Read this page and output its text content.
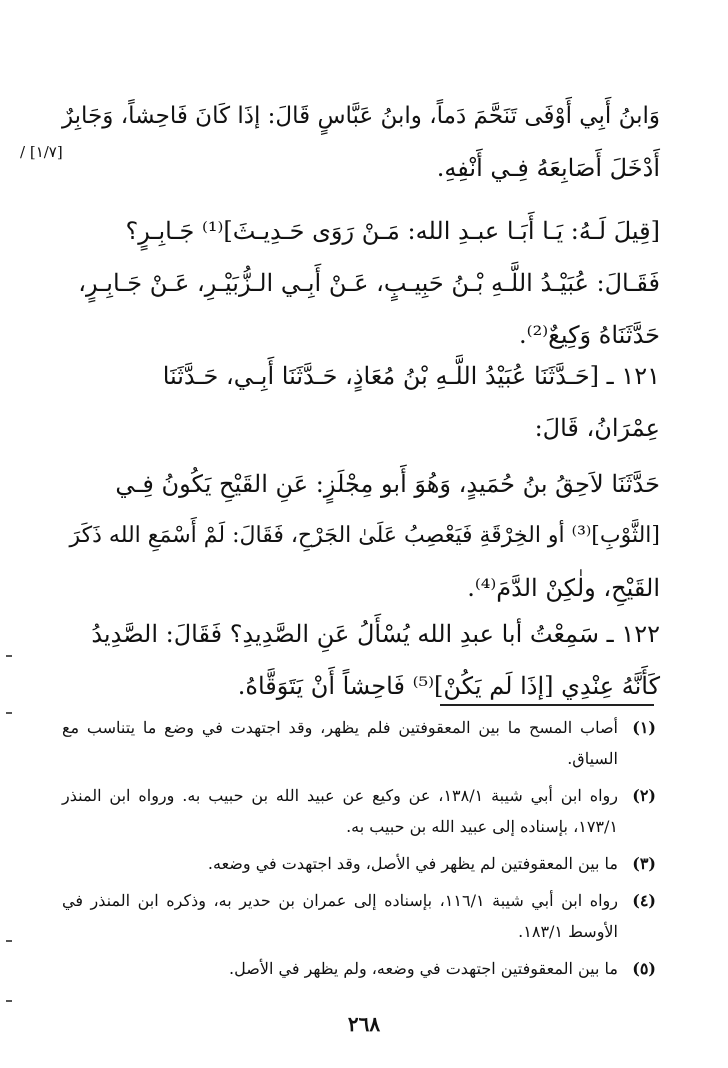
وَابنُ أَبِي أَوْفَى تَنَحَّمَ دَماً، وابنُ عَبَّاسٍ قَالَ: إذَا كَانَ فَاحِشاً، وَجَابِرٌ
أَدْخَلَ أَصَابِعَهُ فِـي أَنْفِهِ.
[١/٧] /
[قِيلَ لَـهُ: يَـا أَبَـا عبـدِ الله: مَـنْ رَوَى حَـدِيـثَ]⁽¹⁾ جَـابِـرٍ؟
فَقَـالَ: عُبَيْـدُ اللَّـهِ بْـنُ حَبِيـبٍ، عَـنْ أَبِـي الـزُّبَيْـرِ، عَـنْ جَـابِـرٍ،
حَدَّثَنَاهُ وَكِيعٌ⁽²⁾.
١٢١ ـ [حَـدَّثَنَا عُبَيْدُ اللَّـهِ بْنُ مُعَاذٍ، حَـدَّثَنَا أَبِـي، حَـدَّثَنَا
عِمْرَانُ، قَالَ:
حَدَّثَنَا لاَحِقُ بنُ حُمَيدٍ، وَهُوَ أَبو مِجْلَزٍ: عَنِ القَيْحِ يَكُونُ فِـي
[الثَّوْبِ]⁽³⁾ أو الخِرْقَةِ فَيَعْصِبُ عَلَىٰ الجَرْحِ، فَقَالَ: لَمْ أَسْمَعِ الله ذَكَرَ
القَيْحِ، ولٰكِنْ الدَّمَ⁽⁴⁾.
١٢٢ ـ سَمِعْتُ أبا عبدِ الله يُسْأَلُ عَنِ الصَّدِيدِ؟ فَقَالَ: الصَّدِيدُ
كَأَنَّهُ عِنْدِي [إذَا لَم يَكُنْ]⁽⁵⁾ فَاحِشاً أَنْ يَتَوَقَّاهُ.
(١)
أصاب المسح ما بين المعقوفتين فلم يظهر، وقد اجتهدت في وضع ما يتناسب مع السياق.
(٢)
رواه ابن أبي شيبة ١٣٨/١، عن وكيع عن عبيد الله بن حبيب به. ورواه ابن المنذر ١٧٣/١، بإسناده إلى عبيد الله بن حبيب به.
(٣)
ما بين المعقوفتين لم يظهر في الأصل، وقد اجتهدت في وضعه.
(٤)
رواه ابن أبي شيبة ١١٦/١، بإسناده إلى عمران بن حدير به، وذكره ابن المنذر في الأوسط ١٨٣/١.
(٥)
ما بين المعقوفتين اجتهدت في وضعه، ولم يظهر في الأصل.
٢٦٨
